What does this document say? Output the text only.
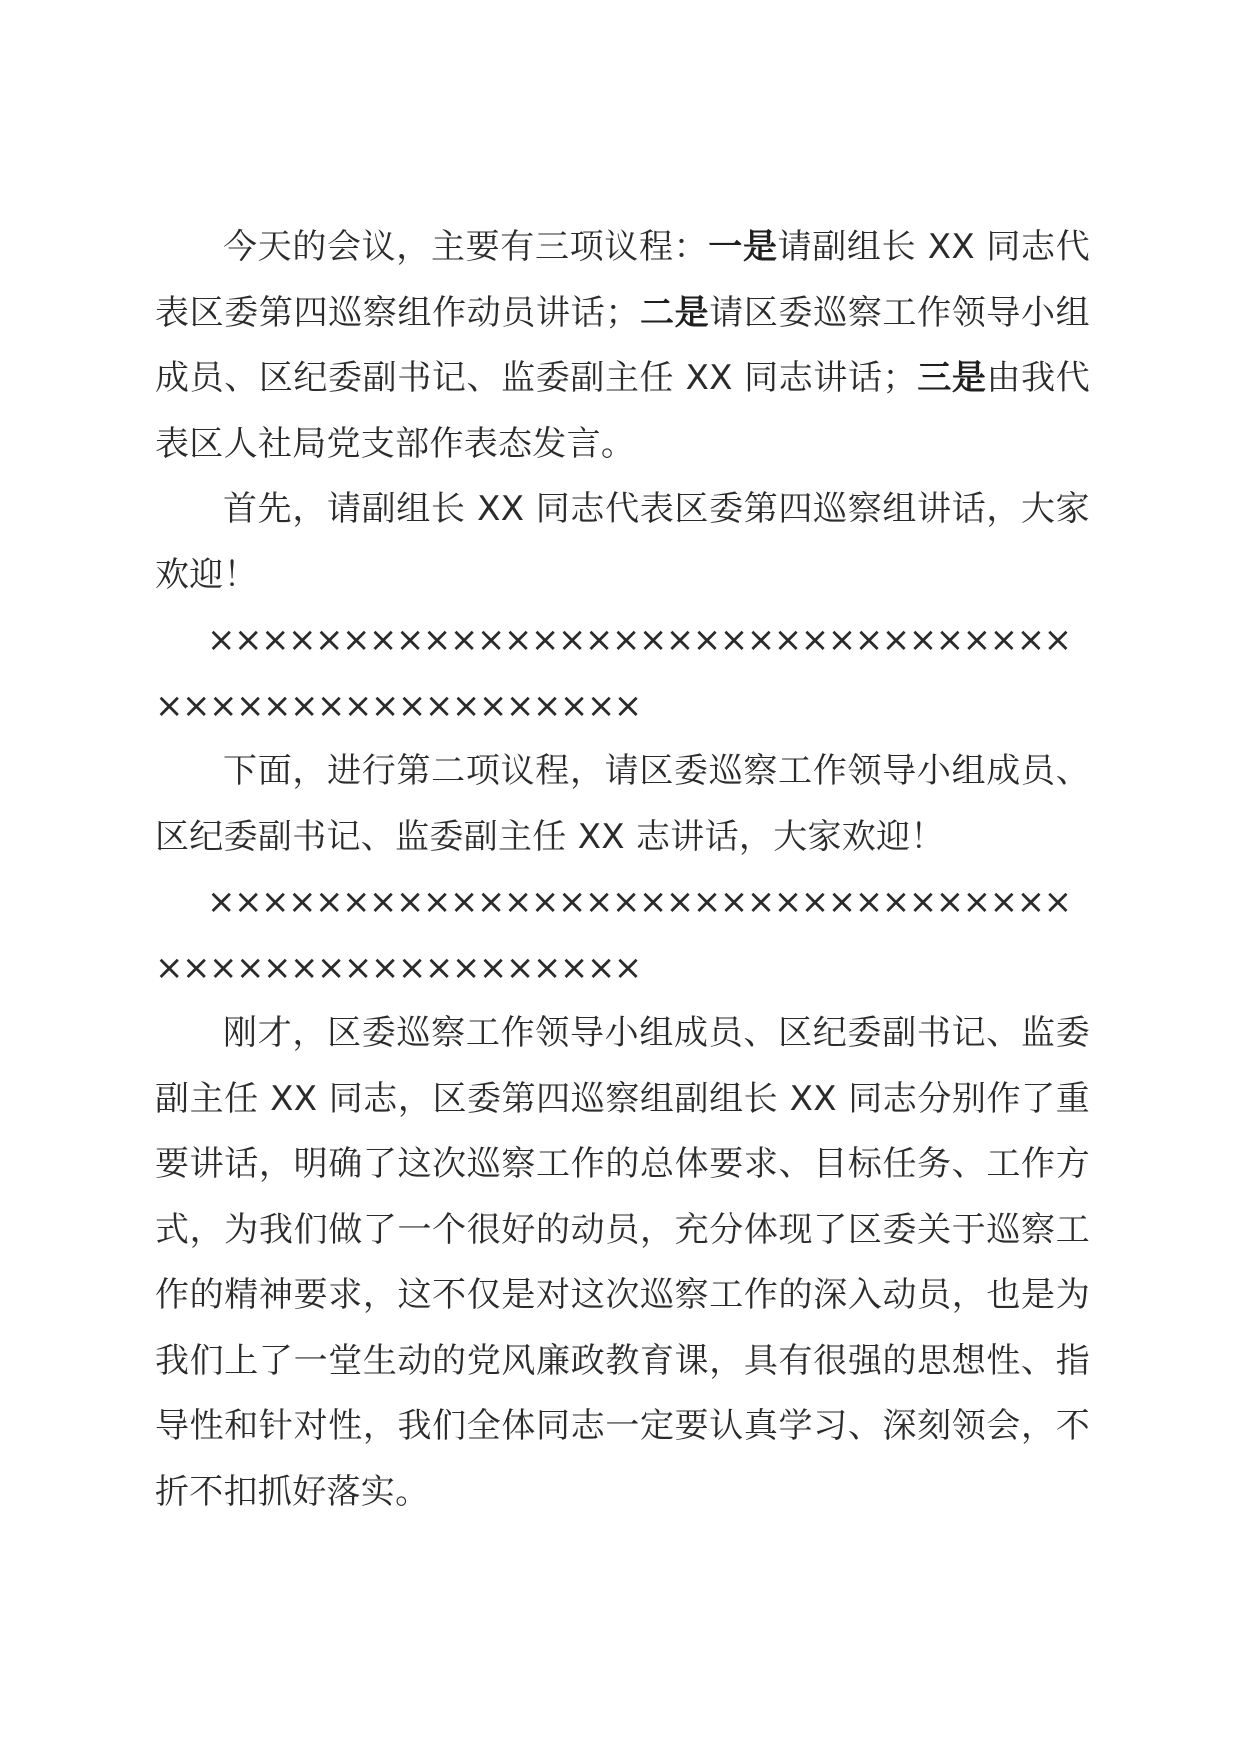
今天的会议，主要有三项议程：一是请副组长 XX 同志代表区委第四巡察组作动员讲话；二是请区委巡察工作领导小组成员、区纪委副书记、监委副主任 XX 同志讲话；三是由我代表区人社局党支部作表态发言。

首先，请副组长 XX 同志代表区委第四巡察组讲话，大家欢迎！

××××××××××××××××××××××××××××××××

××××××××××××××××××

下面，进行第二项议程，请区委巡察工作领导小组成员、区纪委副书记、监委副主任 XX 志讲话，大家欢迎！

××××××××××××××××××××××××××××××××

××××××××××××××××××

刚才，区委巡察工作领导小组成员、区纪委副书记、监委副主任 XX 同志，区委第四巡察组副组长 XX 同志分别作了重要讲话，明确了这次巡察工作的总体要求、目标任务、工作方式，为我们做了一个很好的动员，充分体现了区委关于巡察工作的精神要求，这不仅是对这次巡察工作的深入动员，也是为我们上了一堂生动的党风廉政教育课，具有很强的思想性、指导性和针对性，我们全体同志一定要认真学习、深刻领会，不折不扣抓好落实。
